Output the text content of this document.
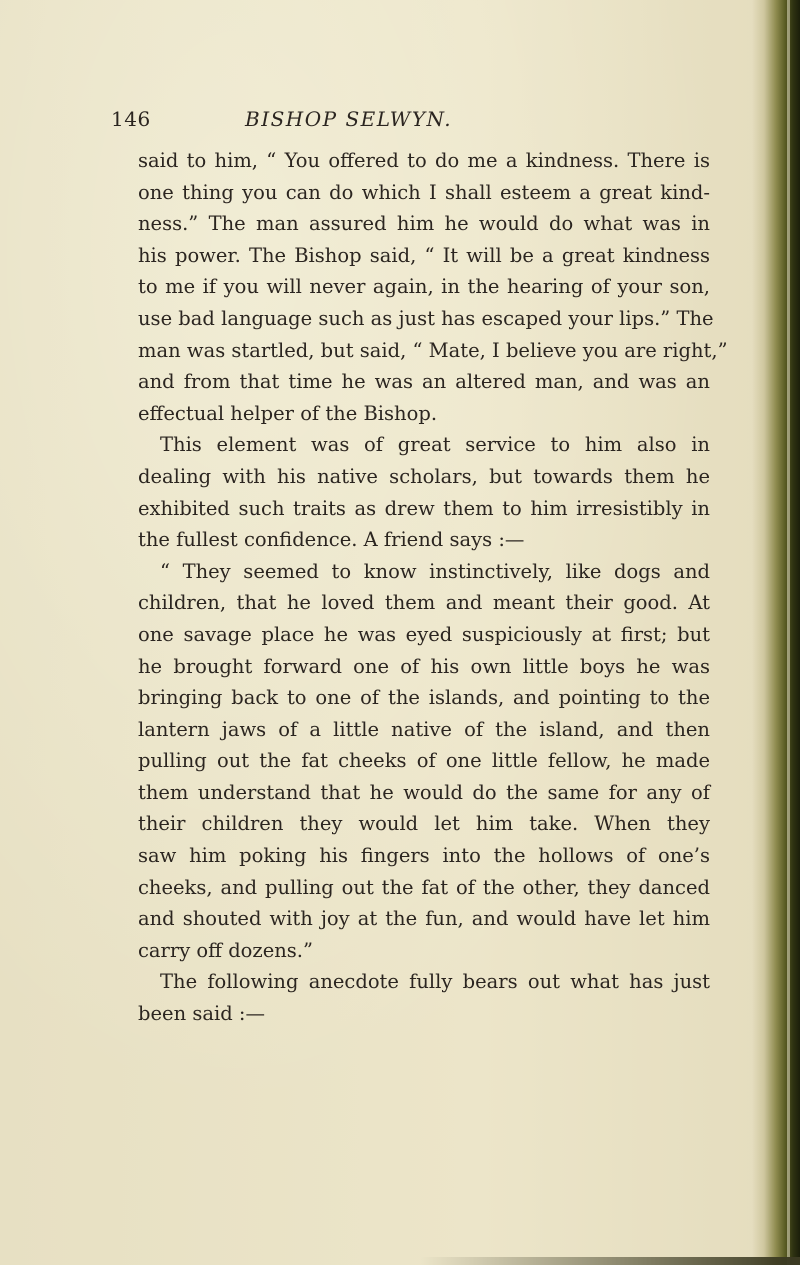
146	BISHOP SELWYN.
said to him, “ You offered to do me a kindness. There is
one thing you can do which I shall esteem a great kind-
ness.” The man assured him he would do what was in
his power. The Bishop said, “ It will be a great kindness
to me if you will never again, in the hearing of your son,
use bad language such as just has escaped your lips.” The
man was startled, but said, “ Mate, I believe you are right,”
and from that time he was an altered man, and was an
effectual helper of the Bishop.
This element was of great service to him also in
dealing with his native scholars, but towards them he
exhibited such traits as drew them to him irresistibly in
the fullest confidence. A friend says :—
“ They seemed to know instinctively, like dogs and
children, that he loved them and meant their good. At
one savage place he was eyed suspiciously at first; but
he brought forward one of his own little boys he was
bringing back to one of the islands, and pointing to the
lantern jaws of a little native of the island, and then
pulling out the fat cheeks of one little fellow, he made
them understand that he would do the same for any of
their children they would let him take. When they
saw him poking his fingers into the hollows of one’s
cheeks, and pulling out the fat of the other, they danced
and shouted with joy at the fun, and would have let him
carry off dozens.”
The following anecdote fully bears out what has just
been said :—
